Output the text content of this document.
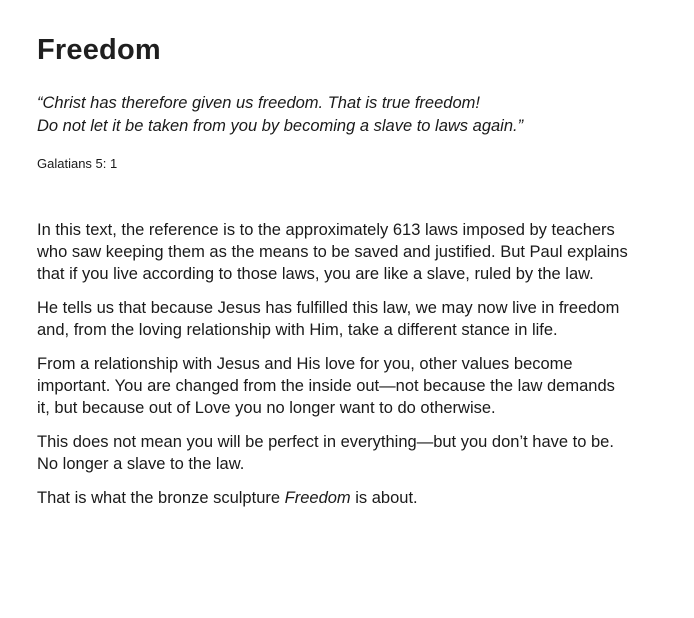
Freedom

“Christ has therefore given us freedom. That is true freedom!
Do not let it be taken from you by becoming a slave to laws again.”

Galatians 5: 1

In this text, the reference is to the approximately 613 laws imposed by teachers
who saw keeping them as the means to be saved and justified. But Paul explains
that if you live according to those laws, you are like a slave, ruled by the law.

He tells us that because Jesus has fulfilled this law, we may now live in freedom
and, from the loving relationship with Him, take a different stance in life.

From a relationship with Jesus and His love for you, other values become
important. You are changed from the inside out—not because the law demands
it, but because out of Love you no longer want to do otherwise.

This does not mean you will be perfect in everything—but you don’t have to be.
No longer a slave to the law.

That is what the bronze sculpture Freedom is about.
